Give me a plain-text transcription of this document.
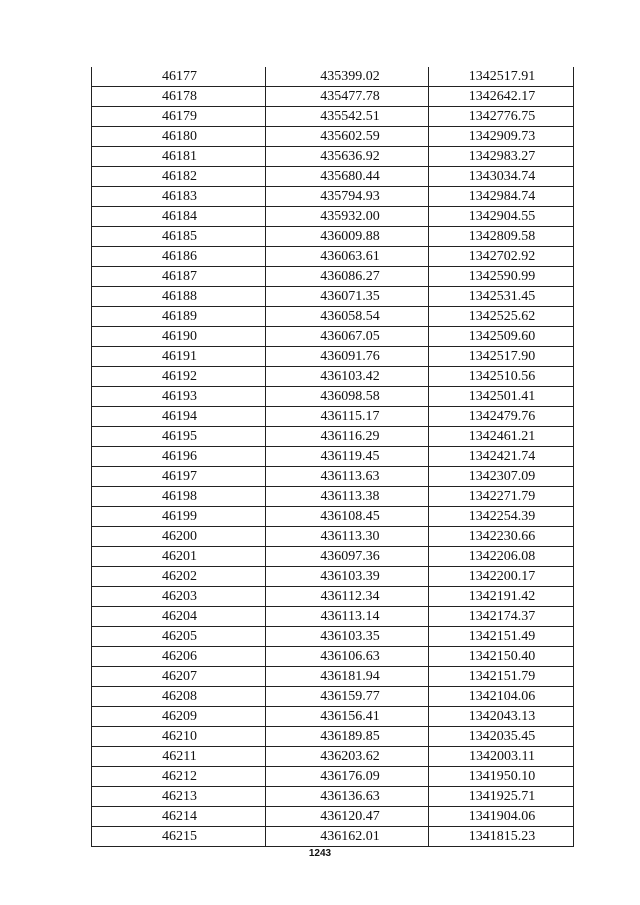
46177	435399.02	1342517.91
46178	435477.78	1342642.17
46179	435542.51	1342776.75
46180	435602.59	1342909.73
46181	435636.92	1342983.27
46182	435680.44	1343034.74
46183	435794.93	1342984.74
46184	435932.00	1342904.55
46185	436009.88	1342809.58
46186	436063.61	1342702.92
46187	436086.27	1342590.99
46188	436071.35	1342531.45
46189	436058.54	1342525.62
46190	436067.05	1342509.60
46191	436091.76	1342517.90
46192	436103.42	1342510.56
46193	436098.58	1342501.41
46194	436115.17	1342479.76
46195	436116.29	1342461.21
46196	436119.45	1342421.74
46197	436113.63	1342307.09
46198	436113.38	1342271.79
46199	436108.45	1342254.39
46200	436113.30	1342230.66
46201	436097.36	1342206.08
46202	436103.39	1342200.17
46203	436112.34	1342191.42
46204	436113.14	1342174.37
46205	436103.35	1342151.49
46206	436106.63	1342150.40
46207	436181.94	1342151.79
46208	436159.77	1342104.06
46209	436156.41	1342043.13
46210	436189.85	1342035.45
46211	436203.62	1342003.11
46212	436176.09	1341950.10
46213	436136.63	1341925.71
46214	436120.47	1341904.06
46215	436162.01	1341815.23
1243
